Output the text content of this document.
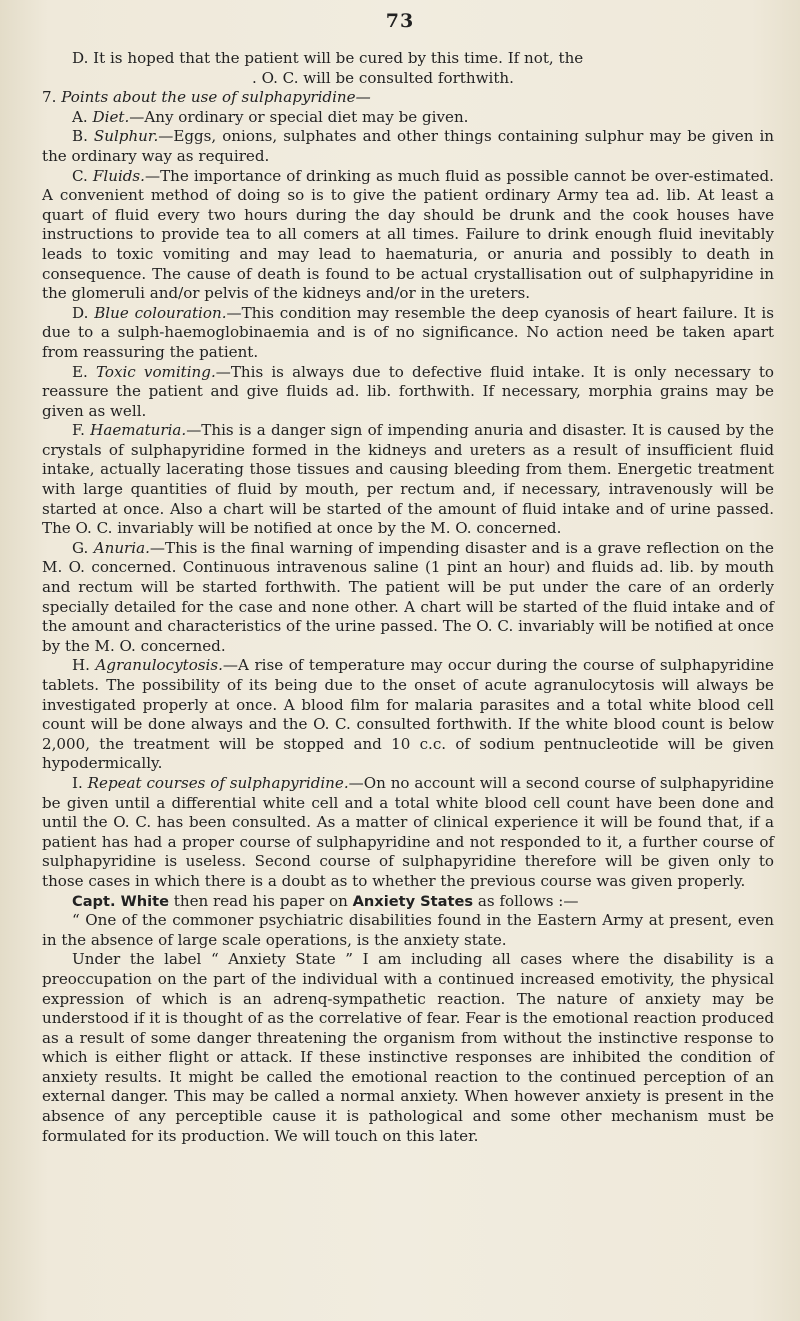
73

D. It is hoped that the patient will be cured by this time. If not, the

. O. C. will be consulted forthwith.

7. Points about the use of sulphapyridine—

A. Diet.—Any ordinary or special diet may be given.

B. Sulphur.—Eggs, onions, sulphates and other things containing sulphur may be given in the ordinary way as required.

C. Fluids.—The importance of drinking as much fluid as possible cannot be over-estimated. A convenient method of doing so is to give the patient ordinary Army tea ad. lib. At least a quart of fluid every two hours during the day should be drunk and the cook houses have instructions to provide tea to all comers at all times. Failure to drink enough fluid inevitably leads to toxic vomiting and may lead to haematuria, or anuria and possibly to death in consequence. The cause of death is found to be actual crystallisation out of sulphapyridine in the glomeruli and/or pelvis of the kidneys and/or in the ureters.

D. Blue colouration.—This condition may resemble the deep cyanosis of heart failure. It is due to a sulph-haemoglobinaemia and is of no significance. No action need be taken apart from reassuring the patient.

E. Toxic vomiting.—This is always due to defective fluid intake. It is only necessary to reassure the patient and give fluids ad. lib. forthwith. If necessary, morphia grains may be given as well.

F. Haematuria.—This is a danger sign of impending anuria and disaster. It is caused by the crystals of sulphapyridine formed in the kidneys and ureters as a result of insufficient fluid intake, actually lacerating those tissues and causing bleeding from them. Energetic treatment with large quantities of fluid by mouth, per rectum and, if necessary, intravenously will be started at once. Also a chart will be started of the amount of fluid intake and of urine passed. The O. C. invariably will be notified at once by the M. O. concerned.

G. Anuria.—This is the final warning of impending disaster and is a grave reflection on the M. O. concerned. Continuous intravenous saline (1 pint an hour) and fluids ad. lib. by mouth and rectum will be started forthwith. The patient will be put under the care of an orderly specially detailed for the case and none other. A chart will be started of the fluid intake and of the amount and characteristics of the urine passed. The O. C. invariably will be notified at once by the M. O. concerned.

H. Agranulocytosis.—A rise of temperature may occur during the course of sulphapyridine tablets. The possibility of its being due to the onset of acute agranulocytosis will always be investigated properly at once. A blood film for malaria parasites and a total white blood cell count will be done always and the O. C. consulted forthwith. If the white blood count is below 2,000, the treatment will be stopped and 10 c.c. of sodium pentnucleotide will be given hypodermically.

I. Repeat courses of sulphapyridine.—On no account will a second course of sulphapyridine be given until a differential white cell and a total white blood cell count have been done and until the O. C. has been consulted. As a matter of clinical experience it will be found that, if a patient has had a proper course of sulphapyridine and not responded to it, a further course of sulphapyridine is useless. Second course of sulphapyridine therefore will be given only to those cases in which there is a doubt as to whether the previous course was given properly.

Capt. White then read his paper on Anxiety States as follows :—

“ One of the commoner psychiatric disabilities found in the Eastern Army at present, even in the absence of large scale operations, is the anxiety state.

Under the label “ Anxiety State ” I am including all cases where the disability is a preoccupation on the part of the individual with a continued increased emotivity, the physical expression of which is an adrenq-sympathetic reaction. The nature of anxiety may be understood if it is thought of as the correlative of fear. Fear is the emotional reaction produced as a result of some danger threatening the organism from without the instinctive response to which is either flight or attack. If these instinctive responses are inhibited the condition of anxiety results. It might be called the emotional reaction to the continued perception of an external danger. This may be called a normal anxiety. When however anxiety is present in the absence of any perceptible cause it is pathological and some other mechanism must be formulated for its production. We will touch on this later.
